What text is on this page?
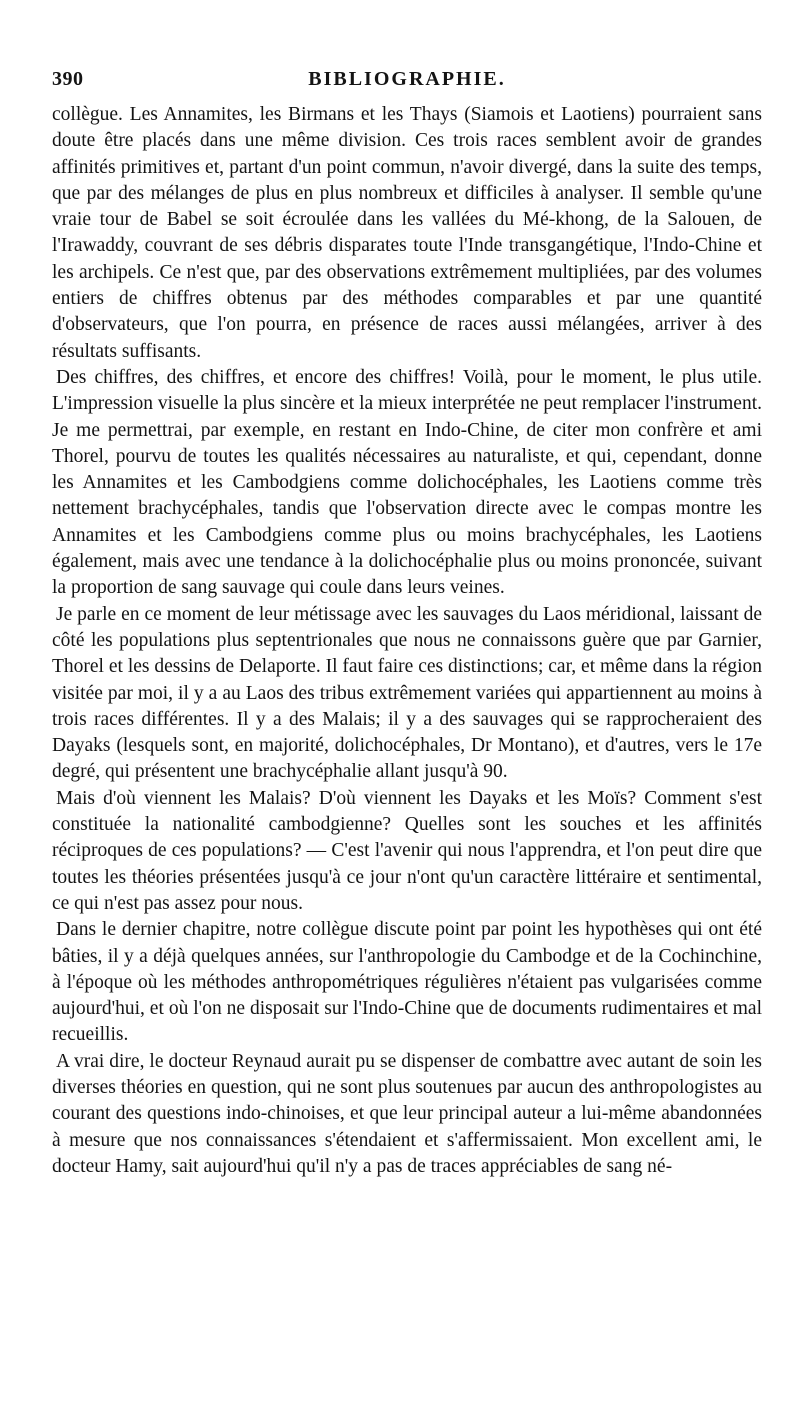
390	BIBLIOGRAPHIE.

collègue. Les Annamites, les Birmans et les Thays (Siamois et Laotiens) pourraient sans doute être placés dans une même division. Ces trois races semblent avoir de grandes affinités primitives et, partant d'un point commun, n'avoir divergé, dans la suite des temps, que par des mélanges de plus en plus nombreux et difficiles à analyser. Il semble qu'une vraie tour de Babel se soit écroulée dans les vallées du Mé-khong, de la Salouen, de l'Irawaddy, couvrant de ses débris disparates toute l'Inde transgangétique, l'Indo-Chine et les archipels. Ce n'est que, par des observations extrêmement multipliées, par des volumes entiers de chiffres obtenus par des méthodes comparables et par une quantité d'observateurs, que l'on pourra, en présence de races aussi mélangées, arriver à des résultats suffisants.

Des chiffres, des chiffres, et encore des chiffres! Voilà, pour le moment, le plus utile. L'impression visuelle la plus sincère et la mieux interprétée ne peut remplacer l'instrument. Je me permettrai, par exemple, en restant en Indo-Chine, de citer mon confrère et ami Thorel, pourvu de toutes les qualités nécessaires au naturaliste, et qui, cependant, donne les Annamites et les Cambodgiens comme dolichocéphales, les Laotiens comme très nettement brachycéphales, tandis que l'observation directe avec le compas montre les Annamites et les Cambodgiens comme plus ou moins brachycéphales, les Laotiens également, mais avec une tendance à la dolichocéphalie plus ou moins prononcée, suivant la proportion de sang sauvage qui coule dans leurs veines.

Je parle en ce moment de leur métissage avec les sauvages du Laos méridional, laissant de côté les populations plus septentrionales que nous ne connaissons guère que par Garnier, Thorel et les dessins de Delaporte. Il faut faire ces distinctions; car, et même dans la région visitée par moi, il y a au Laos des tribus extrêmement variées qui appartiennent au moins à trois races différentes. Il y a des Malais; il y a des sauvages qui se rapprocheraient des Dayaks (lesquels sont, en majorité, dolichocéphales, Dr Montano), et d'autres, vers le 17e degré, qui présentent une brachycéphalie allant jusqu'à 90.

Mais d'où viennent les Malais? D'où viennent les Dayaks et les Moïs? Comment s'est constituée la nationalité cambodgienne? Quelles sont les souches et les affinités réciproques de ces populations? — C'est l'avenir qui nous l'apprendra, et l'on peut dire que toutes les théories présentées jusqu'à ce jour n'ont qu'un caractère littéraire et sentimental, ce qui n'est pas assez pour nous.

Dans le dernier chapitre, notre collègue discute point par point les hypothèses qui ont été bâties, il y a déjà quelques années, sur l'anthropologie du Cambodge et de la Cochinchine, à l'époque où les méthodes anthropométriques régulières n'étaient pas vulgarisées comme aujourd'hui, et où l'on ne disposait sur l'Indo-Chine que de documents rudimentaires et mal recueillis.

A vrai dire, le docteur Reynaud aurait pu se dispenser de combattre avec autant de soin les diverses théories en question, qui ne sont plus soutenues par aucun des anthropologistes au courant des questions indo-chinoises, et que leur principal auteur a lui-même abandonnées à mesure que nos connaissances s'étendaient et s'affermissaient. Mon excellent ami, le docteur Hamy, sait aujourd'hui qu'il n'y a pas de traces appréciables de sang né-
